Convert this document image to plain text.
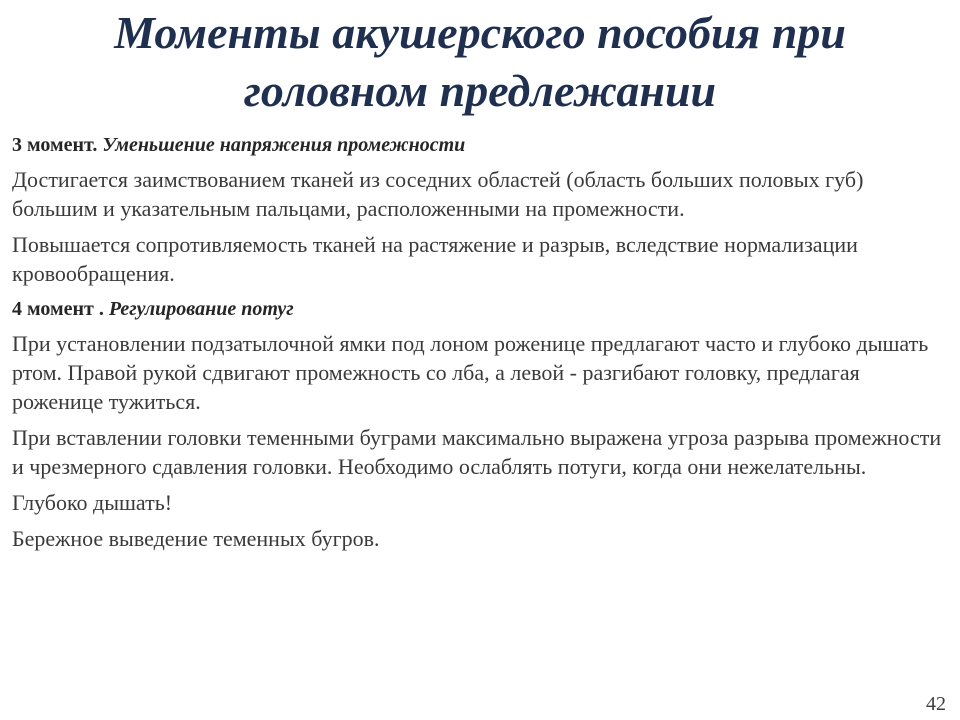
Моменты акушерского пособия при
головном предлежании

3 момент. Уменьшение напряжения промежности

Достигается заимствованием тканей из соседних областей (область больших половых губ) большим и указательным пальцами, расположенными на промежности.

Повышается сопротивляемость тканей на растяжение и разрыв, вследствие нормализации кровообращения.

4 момент . Регулирование потуг

При установлении подзатылочной ямки под лоном роженице предлагают часто и глубоко дышать ртом. Правой рукой сдвигают промежность со лба, а левой - разгибают головку, предлагая роженице тужиться.

При вставлении головки теменными буграми максимально выражена угроза разрыва промежности и чрезмерного сдавления головки. Необходимо ослаблять потуги, когда они нежелательны.

Глубоко дышать!

Бережное выведение теменных бугров.

42
